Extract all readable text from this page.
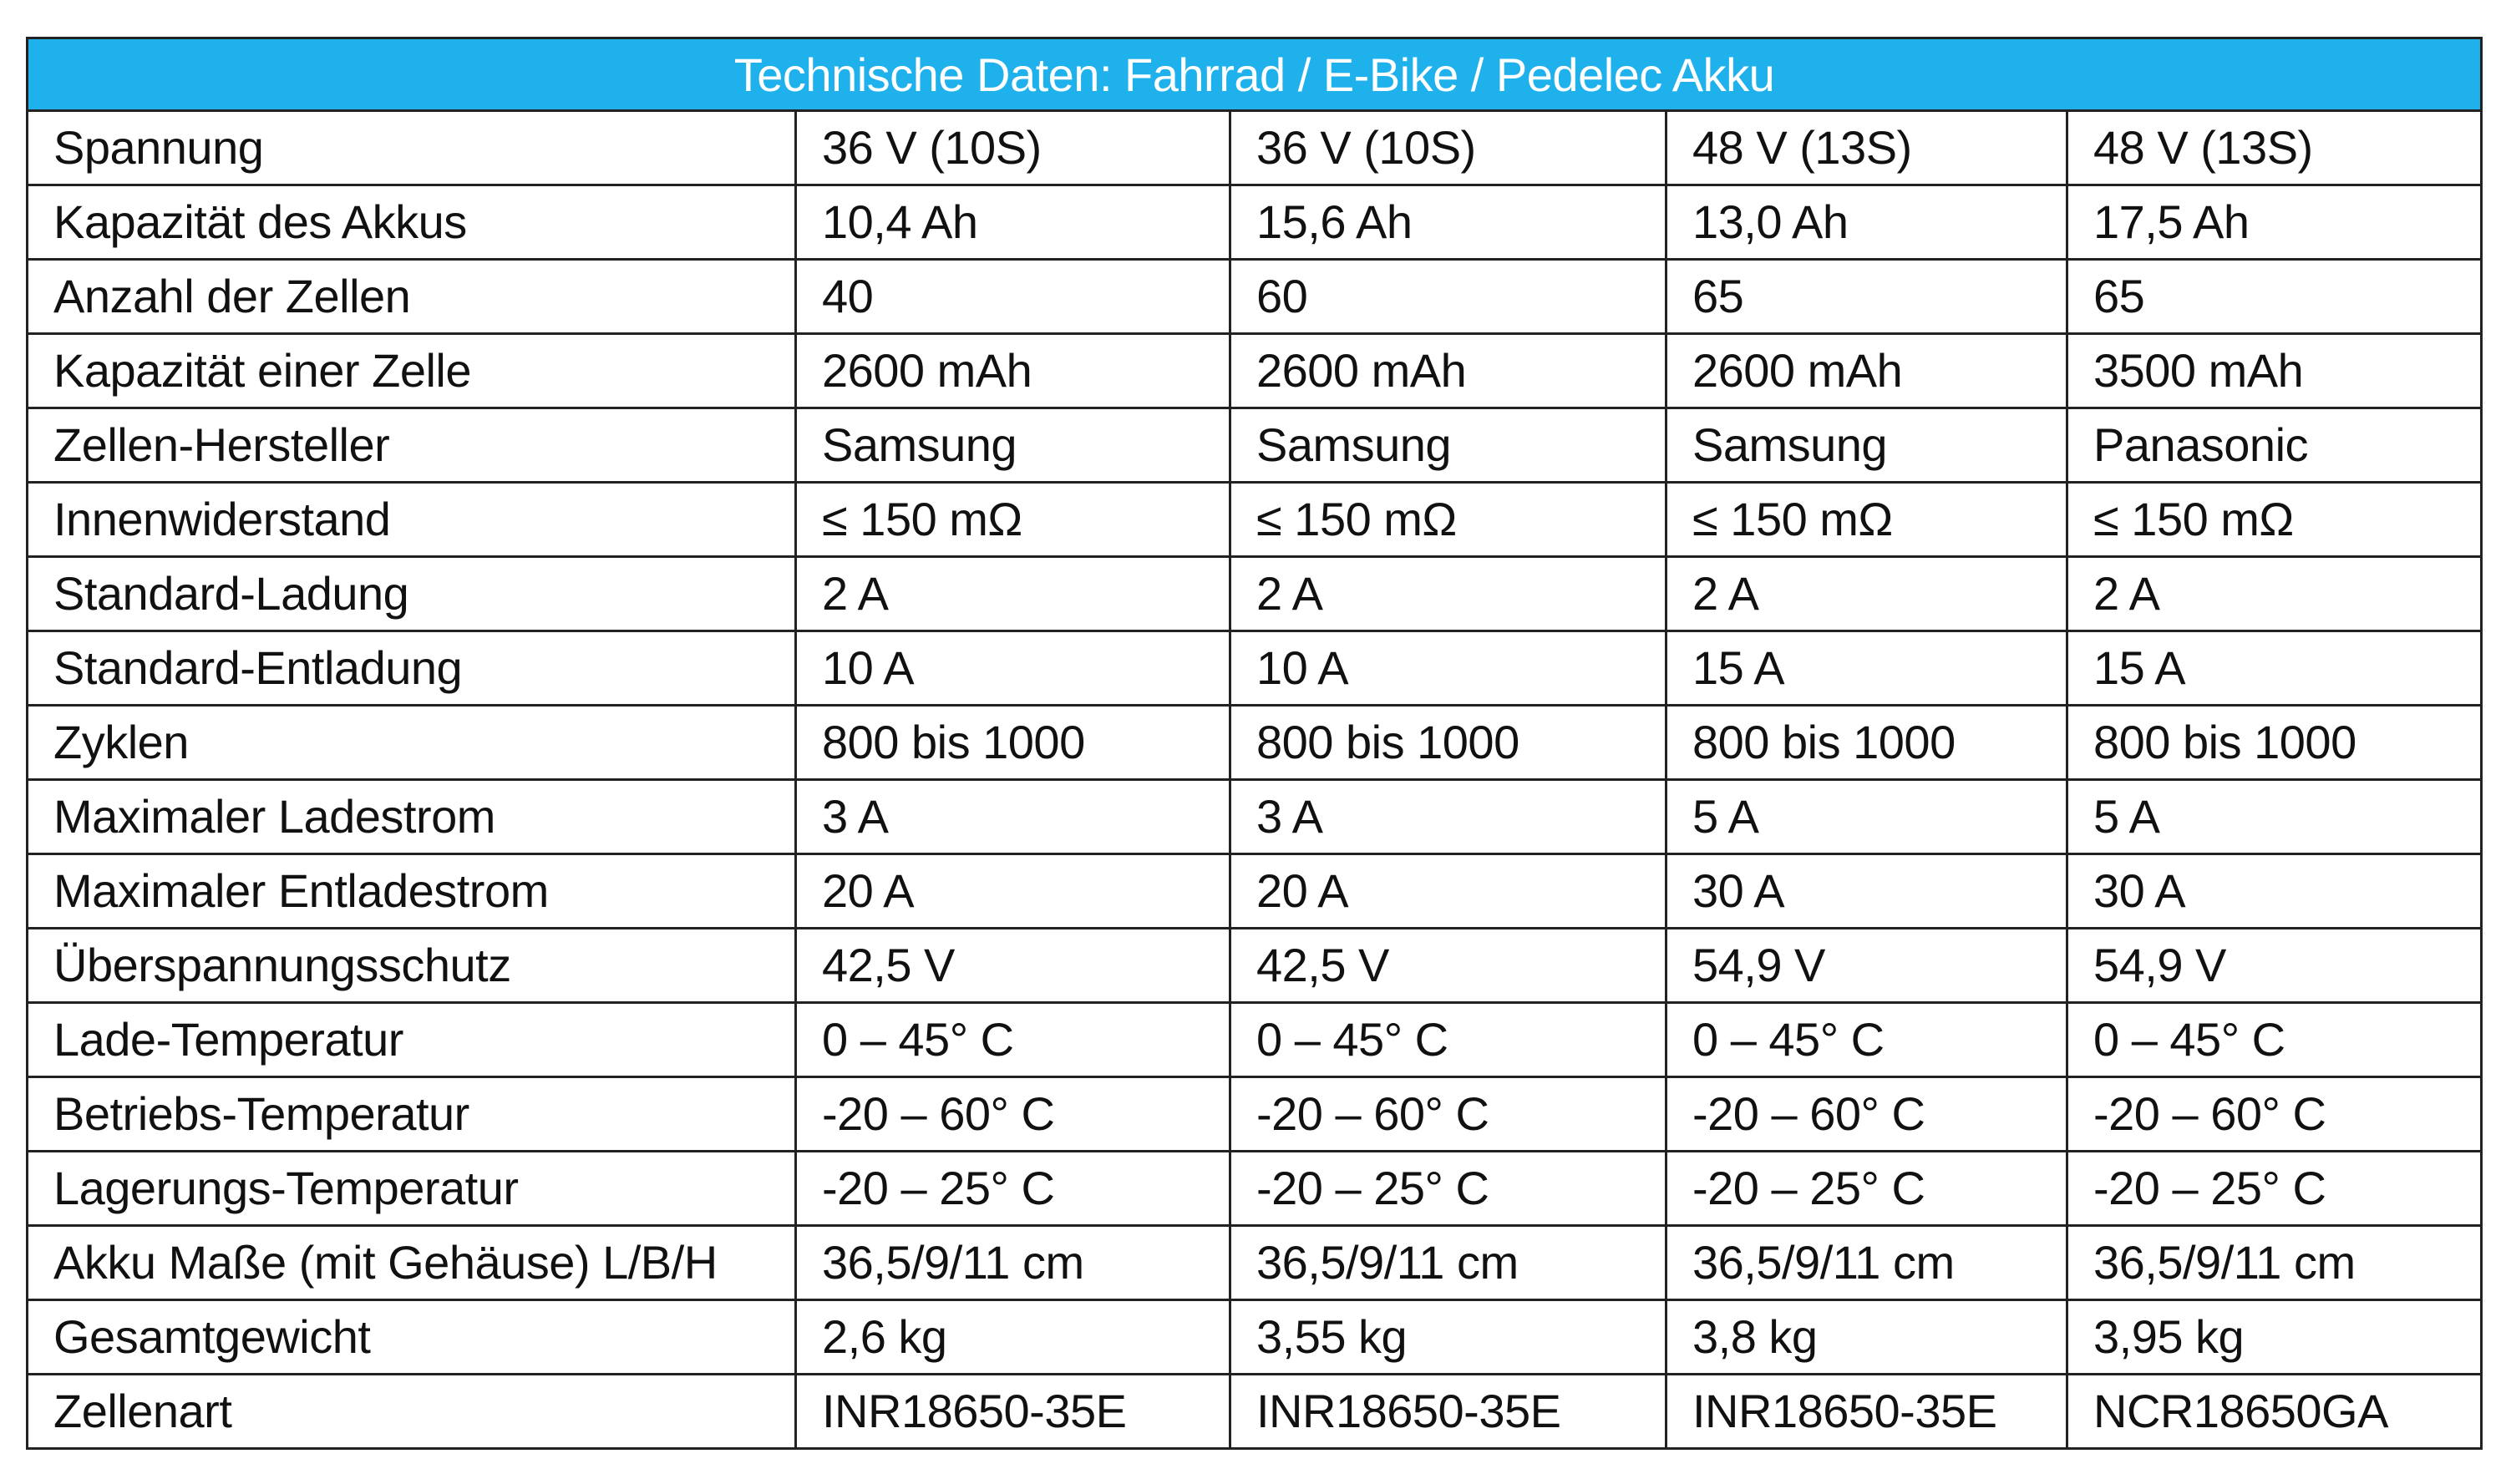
Technische Daten: Fahrrad / E-Bike / Pedelec Akku				
Spannung	36 V (10S)	36 V (10S)	48 V (13S)	48 V (13S)
Kapazität des Akkus	10,4 Ah	15,6 Ah	13,0 Ah	17,5 Ah
Anzahl der Zellen	40	60	65	65
Kapazität einer Zelle	2600 mAh	2600 mAh	2600 mAh	3500 mAh
Zellen-Hersteller	Samsung	Samsung	Samsung	Panasonic
Innenwiderstand	≤ 150 mΩ	≤ 150 mΩ	≤ 150 mΩ	≤ 150 mΩ
Standard-Ladung	2 A	2 A	2 A	2 A
Standard-Entladung	10 A	10 A	15 A	15 A
Zyklen	800 bis 1000	800 bis 1000	800 bis 1000	800 bis 1000
Maximaler Ladestrom	3 A	3 A	5 A	5 A
Maximaler Entladestrom	20 A	20 A	30 A	30 A
Überspannungsschutz	42,5 V	42,5 V	54,9 V	54,9 V
Lade-Temperatur	0 – 45° C	0 – 45° C	0 – 45° C	0 – 45° C
Betriebs-Temperatur	-20 – 60° C	-20 – 60° C	-20 – 60° C	-20 – 60° C
Lagerungs-Temperatur	-20 – 25° C	-20 – 25° C	-20 – 25° C	-20 – 25° C
Akku Maße (mit Gehäuse) L/B/H	36,5/9/11 cm	36,5/9/11 cm	36,5/9/11 cm	36,5/9/11 cm
Gesamtgewicht	2,6 kg	3,55 kg	3,8 kg	3,95 kg
Zellenart	INR18650-35E	INR18650-35E	INR18650-35E	NCR18650GA
